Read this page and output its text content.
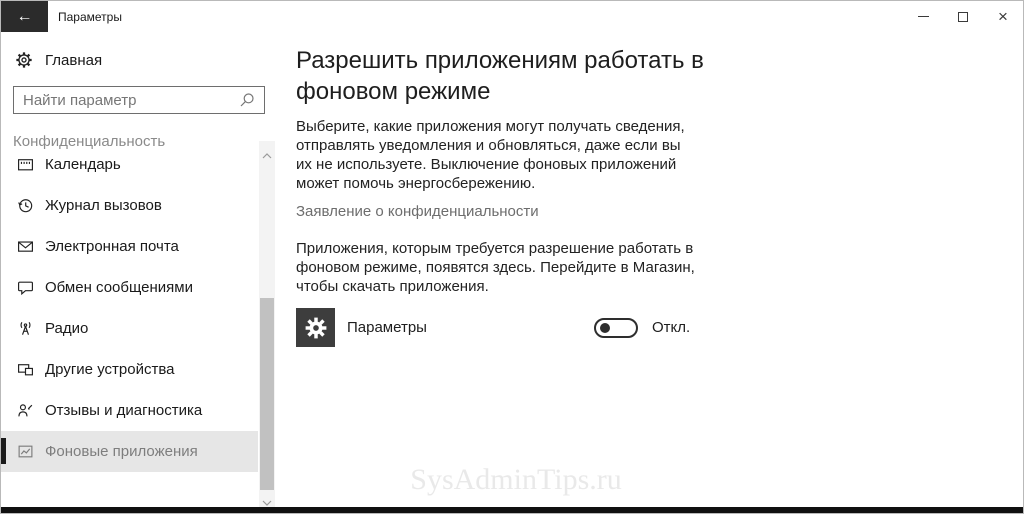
← Параметры	×
Главная
Найти параметр
Конфиденциальность
Календарь
Журнал вызовов
Электронная почта
Обмен сообщениями
Радио
Другие устройства
Отзывы и диагностика
Фоновые приложения
Разрешить приложениям работать в фоновом режиме

Выберите, какие приложения могут получать сведения, отправлять уведомления и обновляться, даже если вы их не используете. Выключение фоновых приложений может помочь энергосбережению.

Заявление о конфиденциальности

Приложения, которым требуется разрешение работать в фоновом режиме, появятся здесь. Перейдите в Магазин, чтобы скачать приложения.

Параметры	Откл.
SysAdminTips.ru
